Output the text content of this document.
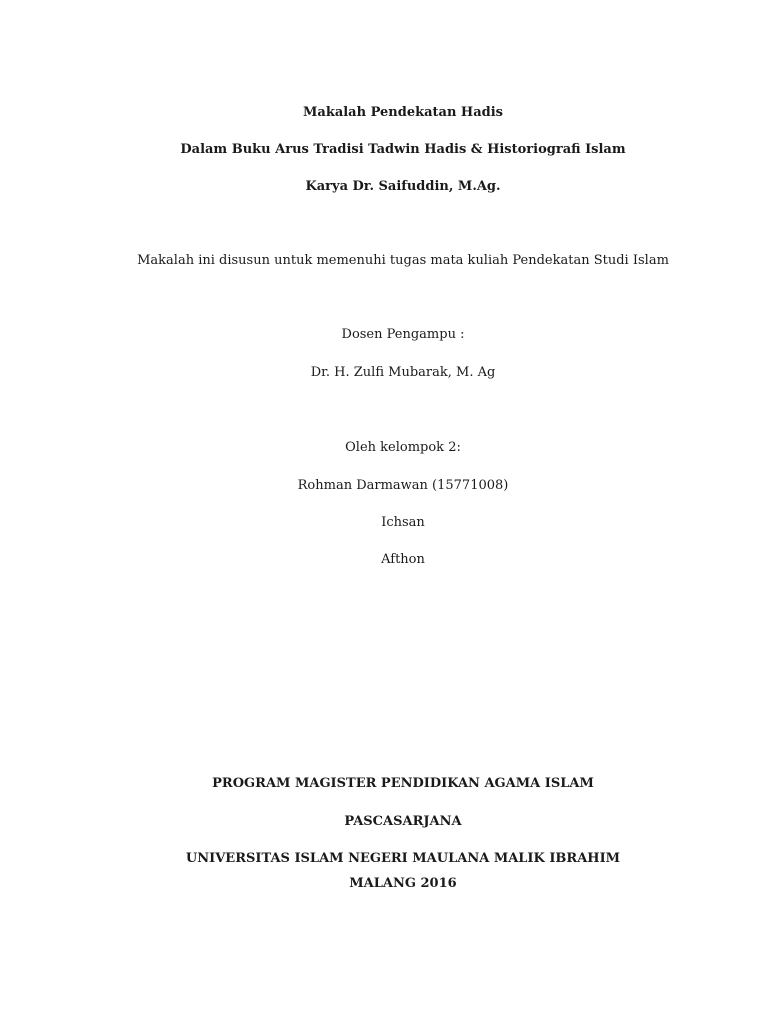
Makalah Pendekatan Hadis
Dalam Buku Arus Tradisi Tadwin Hadis & Historiografi Islam
Karya Dr. Saifuddin, M.Ag.
Makalah ini disusun untuk memenuhi tugas mata kuliah Pendekatan Studi Islam
Dosen Pengampu :
Dr. H. Zulfi Mubarak, M. Ag
Oleh kelompok 2:
Rohman Darmawan (15771008)
Ichsan
Afthon
PROGRAM MAGISTER PENDIDIKAN AGAMA ISLAM
PASCASARJANA
UNIVERSITAS ISLAM NEGERI MAULANA MALIK IBRAHIM
MALANG 2016
